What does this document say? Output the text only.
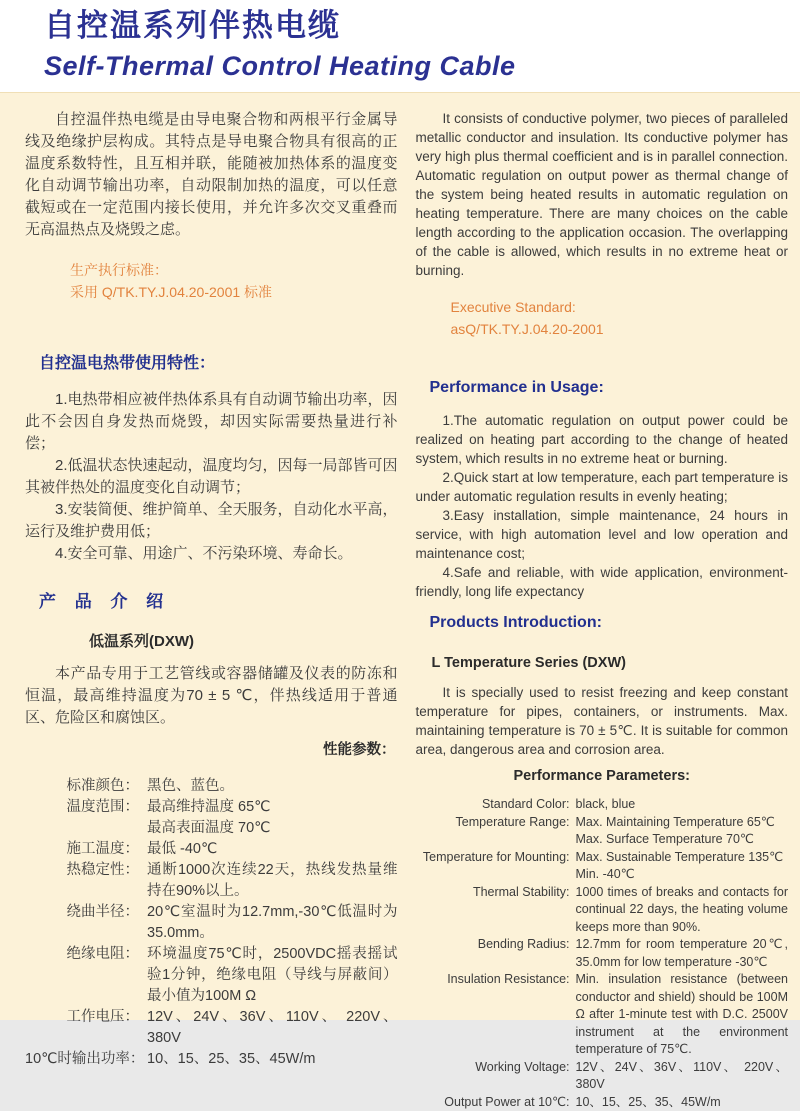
自控温系列伴热电缆
Self-Thermal Control Heating Cable

自控温伴热电缆是由导电聚合物和两根平行金属导线及绝缘护层构成。其特点是导电聚合物具有很高的正温度系数特性，且互相并联，能随被加热体系的温度变化自动调节输出功率，自动限制加热的温度，可以任意截短或在一定范围内接长使用，并允许多次交叉重叠而无高温热点及烧毁之虑。

生产执行标准：
采用 Q/TK.TY.J.04.20-2001 标准
自控温电热带使用特性：

1.电热带相应被伴热体系具有自动调节输出功率，因此不会因自身发热而烧毁，却因实际需要热量进行补偿；

2.低温状态快速起动，温度均匀，因每一局部皆可因其被伴热处的温度变化自动调节；

3.安装简便、维护简单、全天服务，自动化水平高，运行及维护费用低；

4.安全可靠、用途广、不污染环境、寿命长。

产 品 介 绍
低温系列(DXW)

本产品专用于工艺管线或容器储罐及仪表的防冻和恒温，最高维持温度为70 ± 5 ℃，伴热线适用于普通区、危险区和腐蚀区。

性能参数：
标准颜色： 黑色、蓝色。
温度范围： 最高维持温度 65℃
最高表面温度 70℃
施工温度： 最低 -40℃
热稳定性： 通断1000次连续22天，热线发热量维持在90%以上。
绕曲半径： 20℃室温时为12.7mm,-30℃低温时为35.0mm。
绝缘电阻： 环境温度75℃时，2500VDC摇表摇试验1分钟，绝缘电阻（导线与屏蔽间）最小值为100M Ω
工作电压： 12V、24V、36V、110V、 220V、380V
10℃时输出功率： 10、15、25、35、45W/m

It consists of conductive polymer, two pieces of paralleled metallic conductor and insulation. Its conductive polymer has very high plus thermal coefficient and is in parallel connection. Automatic regulation on output power as thermal change of the system being heated results in automatic regulation on heating temperature. There are many choices on the cable length according to the application occasion. The overlapping of the cable is allowed, which results in no extreme heat or burning.

Executive Standard:
asQ/TK.TY.J.04.20-2001
Performance in Usage:

1.The automatic regulation on output power could be realized on heating part according to the change of heated system, which results in no extreme heat or burning.

2.Quick start at low temperature, each part temperature is under automatic regulation results in evenly heating;

3.Easy installation, simple maintenance, 24 hours in service, with high automation level and low operation and maintenance cost;

4.Safe and reliable, with wide application, environment-friendly, long life expectancy

Products Introduction:
L Temperature Series (DXW)

It is specially used to resist freezing and keep constant temperature for pipes, containers, or instruments. Max. maintaining temperature is 70 ± 5℃. It is suitable for common area, dangerous area and corrosion area.

Performance Parameters:
Standard Color: black, blue
Temperature Range: Max. Maintaining Temperature 65℃
Max. Surface Temperature 70℃
Temperature for Mounting: Max. Sustainable Temperature 135℃
Min. -40℃
Thermal Stability: 1000 times of breaks and contacts for continual 22 days, the heating volume keeps more than 90%.
Bending Radius: 12.7mm for room temperature 20℃, 35.0mm for low temperature -30℃
Insulation Resistance: Min. insulation resistance (between conductor and shield) should be 100M Ω after 1-minute test with D.C. 2500V instrument at the environment temperature of 75℃.
Working Voltage: 12V、24V、36V、110V、 220V、380V
Output Power at 10℃: 10、15、25、35、45W/m
